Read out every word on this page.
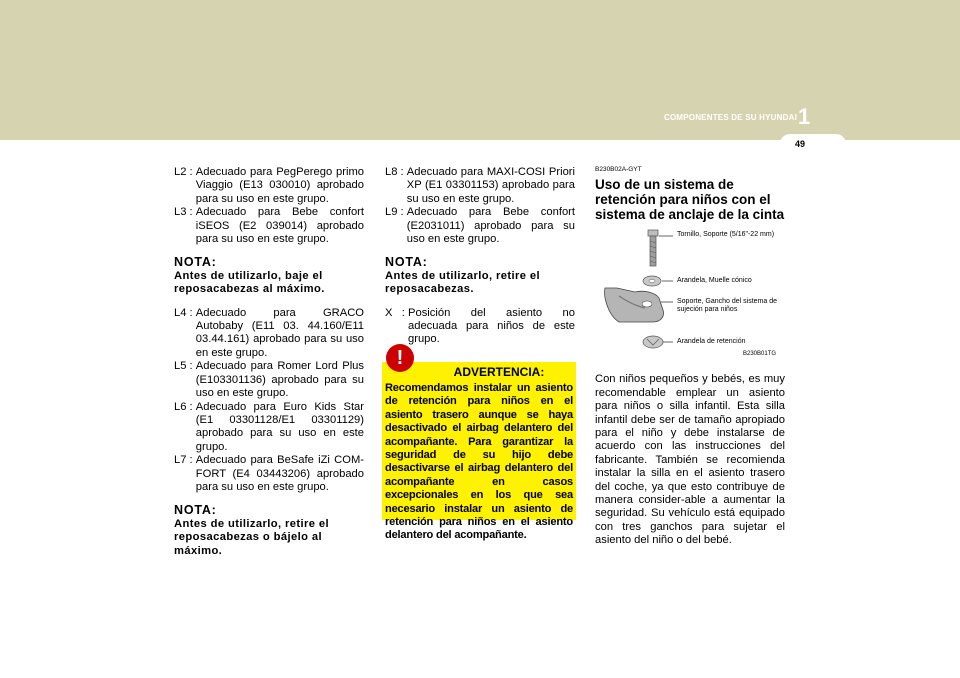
COMPONENTES DE SU HYUNDAI 1
49
L2 : Adecuado para PegPerego primo Viaggio (E13 030010) aprobado para su uso en este grupo.
L3 : Adecuado para Bebe confort iSEOS (E2 039014) aprobado para su uso en este grupo.
NOTA:
Antes de utilizarlo, baje el reposacabezas al máximo.
L4 : Adecuado para GRACO Autobaby (E11 03. 44.160/E11 03.44.161) aprobado para su uso en este grupo.
L5 : Adecuado para Romer Lord Plus (E103301136) aprobado para su uso en este grupo.
L6 : Adecuado para Euro Kids Star (E1 03301128/E1 03301129) aprobado para su uso en este grupo.
L7 : Adecuado para BeSafe iZi COM-FORT (E4 03443206) aprobado para su uso en este grupo.
NOTA:
Antes de utilizarlo, retire el reposacabezas o bájelo al máximo.
L8 : Adecuado para MAXI-COSI Priori XP (E1 03301153) aprobado para su uso en este grupo.
L9 : Adecuado para Bebe confort (E2031011) aprobado para su uso en este grupo.
NOTA:
Antes de utilizarlo, retire el reposacabezas.
X   : Posición del asiento no adecuada para niños de este grupo.
ADVERTENCIA:
Recomendamos instalar un asiento de retención para niños en el asiento trasero aunque se haya desactivado el airbag delantero del acompañante. Para garantizar la seguridad de su hijo debe desactivarse el airbag delantero del acompañante en casos excepcionales en los que sea necesario instalar un asiento de retención para niños en el asiento delantero del acompañante.
!
B230B02A-GYT
Uso de un sistema de retención para niños con el sistema de anclaje de la cinta
Tornillo, Soporte (5/16"-22 mm)
Arandela, Muelle cónico
Soporte, Gancho del sistema de sujeción para niños
Arandela de retención
B230B01TG
Con niños pequeños y bebés, es muy recomendable emplear un asiento para niños o silla infantil. Esta silla infantil debe ser de tamaño apropiado para el niño y debe instalarse de acuerdo con las instrucciones del fabricante. También se recomienda instalar la silla en el asiento trasero del coche, ya que esto contribuye de manera consider-able a aumentar la seguridad. Su vehículo está equipado con tres ganchos para sujetar el asiento del niño o del bebé.
